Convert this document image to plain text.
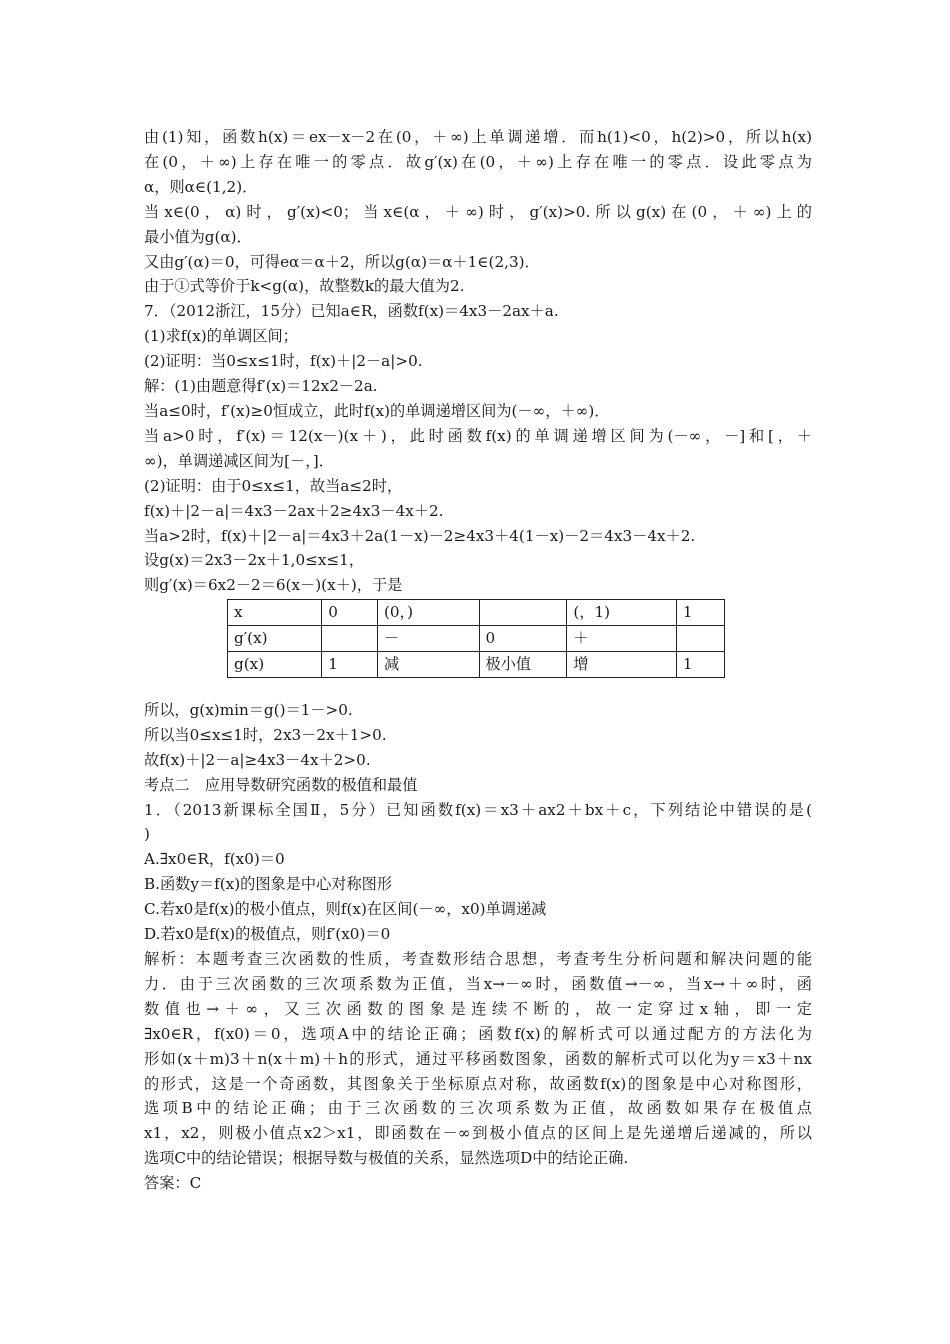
由(1)知，函数h(x)＝ex－x－2在(0，＋∞)上单调递增．而h(1)<0，h(2)>0，所以h(x)
在(0，＋∞)上存在唯一的零点．故g′(x)在(0，＋∞)上存在唯一的零点．设此零点为
α，则α∈(1,2)．
当x∈(0，α)时，g′(x)<0；当x∈(α，＋∞)时，g′(x)>0.所以g(x)在(0，＋∞)上的
最小值为g(α)．
又由g′(α)＝0，可得eα＝α＋2，所以g(α)＝α＋1∈(2,3)．
由于①式等价于k<g(α)，故整数k的最大值为2.
7．（2012浙江，15分）已知a∈R，函数f(x)＝4x3－2ax＋a.
(1)求f(x)的单调区间；
(2)证明：当0≤x≤1时，f(x)＋|2－a|>0.
解：(1)由题意得f′(x)＝12x2－2a.
当a≤0时，f′(x)≥0恒成立，此时f(x)的单调递增区间为(－∞，＋∞)．
当a>0时，f′(x)＝12(x－)(x＋)，此时函数f(x)的单调递增区间为(－∞，－]和[，＋
∞)，单调递减区间为[－，]．
(2)证明：由于0≤x≤1，故当a≤2时，
f(x)＋|2－a|＝4x3－2ax＋2≥4x3－4x＋2.
当a>2时，f(x)＋|2－a|＝4x3＋2a(1－x)－2≥4x3＋4(1－x)－2＝4x3－4x＋2.
设g(x)＝2x3－2x＋1,0≤x≤1，
则g′(x)＝6x2－2＝6(x－)(x＋)，于是
x	0	(0，)		(，1)	1
g′(x)		－	0	＋	
g(x)	1	减	极小值	增	1
所以，g(x)min＝g()＝1－>0.
所以当0≤x≤1时，2x3－2x＋1>0.
故f(x)＋|2－a|≥4x3－4x＋2>0.
考点二　应用导数研究函数的极值和最值
1．（2013新课标全国Ⅱ，5分）已知函数f(x)＝x3＋ax2＋bx＋c，下列结论中错误的是(
)
A.∃x0∈R，f(x0)＝0
B.函数y＝f(x)的图象是中心对称图形
C.若x0是f(x)的极小值点，则f(x)在区间(－∞，x0)单调递减
D.若x0是f(x)的极值点，则f′(x0)＝0
解析：本题考查三次函数的性质，考查数形结合思想，考查考生分析问题和解决问题的能
力．由于三次函数的三次项系数为正值，当x→－∞时，函数值→－∞，当x→＋∞时，函
数值也→＋∞，又三次函数的图象是连续不断的，故一定穿过x轴，即一定
∃x0∈R，f(x0)＝0，选项A中的结论正确；函数f(x)的解析式可以通过配方的方法化为
形如(x＋m)3＋n(x＋m)＋h的形式，通过平移函数图象，函数的解析式可以化为y＝x3＋nx
的形式，这是一个奇函数，其图象关于坐标原点对称，故函数f(x)的图象是中心对称图形，
选项B中的结论正确；由于三次函数的三次项系数为正值，故函数如果存在极值点
x1，x2，则极小值点x2＞x1，即函数在－∞到极小值点的区间上是先递增后递减的，所以
选项C中的结论错误；根据导数与极值的关系，显然选项D中的结论正确.
答案：C
